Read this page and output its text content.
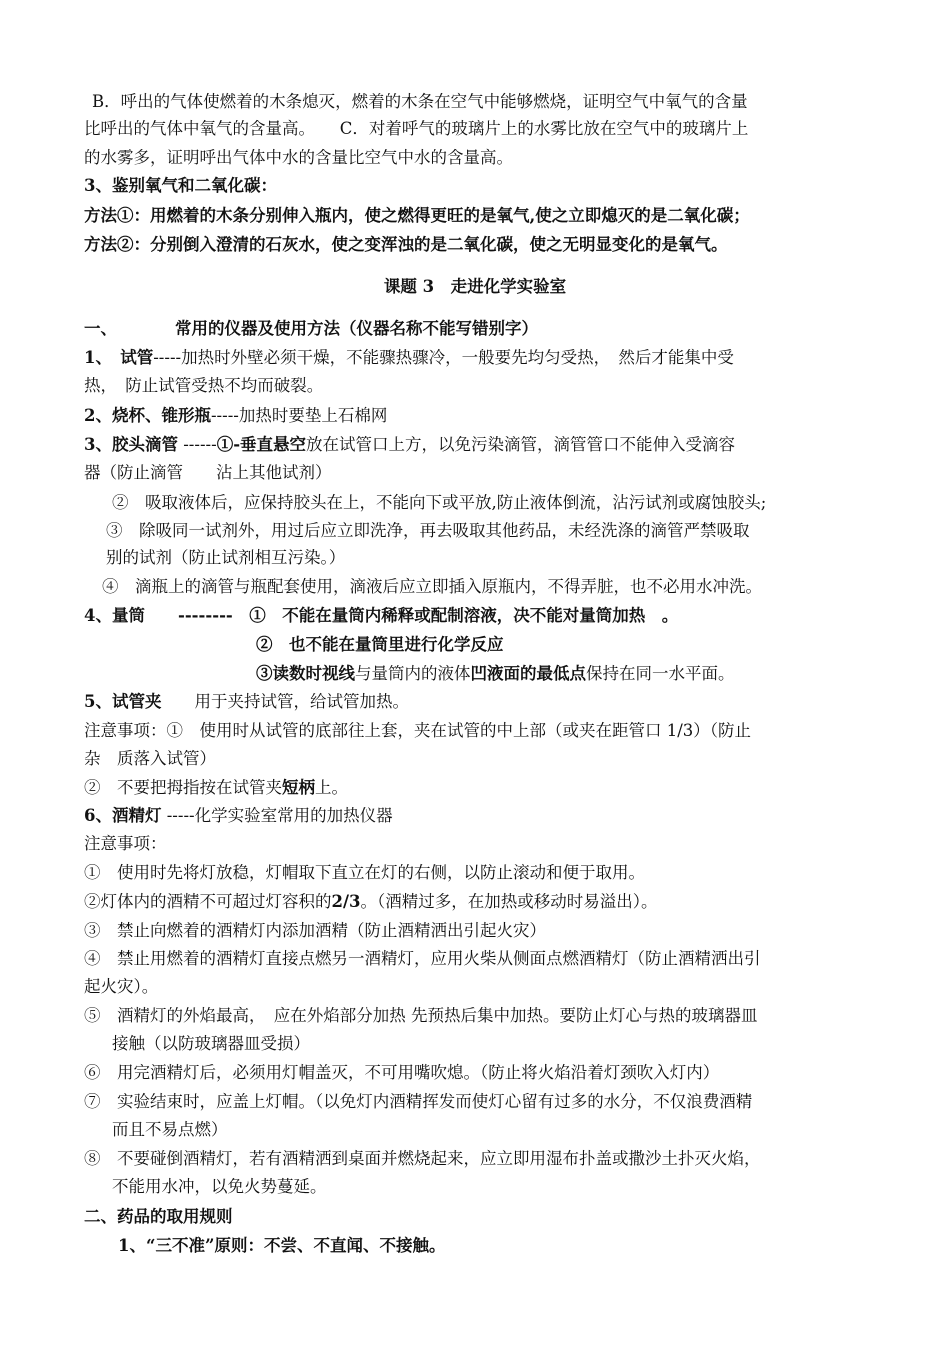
B．呼出的气体使燃着的木条熄灭，燃着的木条在空气中能够燃烧，证明空气中氧气的含量
比呼出的气体中氧气的含量高。　　C．对着呼气的玻璃片上的水雾比放在空气中的玻璃片上
的水雾多，证明呼出气体中水的含量比空气中水的含量高。
3、鉴别氧气和二氧化碳：
方法①：用燃着的木条分别伸入瓶内，使之燃得更旺的是氧气,使之立即熄灭的是二氧化碳；
方法②：分别倒入澄清的石灰水，使之变浑浊的是二氧化碳，使之无明显变化的是氧气。
课题 3　走进化学实验室
一、	常用的仪器及使用方法（仪器名称不能写错别字）
1、　试管-----加热时外壁必须干燥，不能骤热骤冷，一般要先均匀受热，　然后才能集中受
热，　防止试管受热不均而破裂。
2、烧杯、锥形瓶-----加热时要垫上石棉网
3、胶头滴管 ------①-垂直悬空放在试管口上方，以免污染滴管，滴管管口不能伸入受滴容
器（防止滴管　　沾上其他试剂）
②　吸取液体后，应保持胶头在上，不能向下或平放,防止液体倒流，沾污试剂或腐蚀胶头;
③　除吸同一试剂外，用过后应立即洗净，再去吸取其他药品，未经洗涤的滴管严禁吸取
别的试剂（防止试剂相互污染。）
④　滴瓶上的滴管与瓶配套使用，滴液后应立即插入原瓶内，不得弄脏，也不必用水冲洗。
4、量筒　　--------　①　不能在量筒内稀释或配制溶液，决不能对量筒加热　。
②　也不能在量筒里进行化学反应
③读数时视线与量筒内的液体凹液面的最低点保持在同一水平面。
5、试管夹　　用于夹持试管，给试管加热。
注意事项：①　使用时从试管的底部往上套，夹在试管的中上部（或夹在距管口 1/3）（防止
杂　质落入试管）
②　不要把拇指按在试管夹短柄上。
6、酒精灯 -----化学实验室常用的加热仪器
注意事项：
①　使用时先将灯放稳，灯帽取下直立在灯的右侧，以防止滚动和便于取用。
②灯体内的酒精不可超过灯容积的2/3。（酒精过多，在加热或移动时易溢出）。
③　禁止向燃着的酒精灯内添加酒精（防止酒精洒出引起火灾）
④　禁止用燃着的酒精灯直接点燃另一酒精灯，应用火柴从侧面点燃酒精灯（防止酒精洒出引
起火灾）。
⑤　酒精灯的外焰最高，　应在外焰部分加热 先预热后集中加热。要防止灯心与热的玻璃器皿
接触（以防玻璃器皿受损）
⑥　用完酒精灯后，必须用灯帽盖灭，不可用嘴吹熄。（防止将火焰沿着灯颈吹入灯内）
⑦　实验结束时，应盖上灯帽。（以免灯内酒精挥发而使灯心留有过多的水分，不仅浪费酒精
而且不易点燃）
⑧　不要碰倒酒精灯，若有酒精洒到桌面并燃烧起来，应立即用湿布扑盖或撒沙土扑灭火焰，
不能用水冲，以免火势蔓延。
二、药品的取用规则
1、“三不准”原则：不尝、不直闻、不接触。
